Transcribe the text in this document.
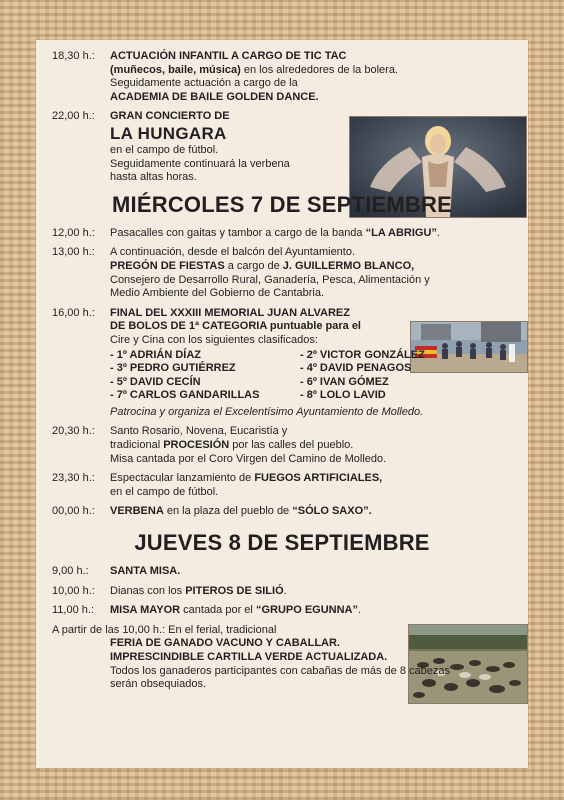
18,30 h.:	ACTUACIÓN INFANTIL A CARGO DE TIC TAC
(muñecos, baile, música) en los alrededores de la bolera.
Seguidamente actuación a cargo de la
ACADEMIA DE BAILE GOLDEN DANCE.
22,00 h.:	GRAN CONCIERTO DE
LA HUNGARA
en el campo de fútbol.
Seguidamente continuará la verbena
hasta altas horas.
MIÉRCOLES 7 DE SEPTIEMBRE
12,00 h.:	Pasacalles con gaitas y tambor a cargo de la banda “LA ABRIGU”.
13,00 h.:	A continuación, desde el balcón del Ayuntamiento.
PREGÓN DE FIESTAS a cargo de J. GUILLERMO BLANCO,
Consejero de Desarrollo Rural, Ganadería, Pesca, Alimentación y
Medio Ambiente del Gobierno de Cantabria.
16,00 h.:	FINAL DEL XXXIII MEMORIAL JUAN ALVAREZ
DE BOLOS DE 1ª CATEGORIA puntuable para el
Cire y Cina con los siguientes clasificados:
- 1º ADRIÁN DÍAZ	- 2º VICTOR GONZÁLEZ
- 3º PEDRO GUTIÉRREZ	- 4º DAVID PENAGOS
- 5º DAVID CECÍN	- 6º IVAN GÓMEZ
- 7º CARLOS GANDARILLAS	- 8º LOLO LAVID
Patrocina y organiza el Excelentísimo Ayuntamiento de Molledo.
20,30 h.:	Santo Rosario, Novena, Eucaristía y
tradicional PROCESIÓN por las calles del pueblo.
Misa cantada por el Coro Virgen del Camino de Molledo.
23,30 h.:	Espectacular lanzamiento de FUEGOS ARTIFICIALES,
en el campo de fútbol.
00,00 h.:	VERBENA en la plaza del pueblo de “SÓLO SAXO”.
JUEVES 8 DE SEPTIEMBRE
9,00 h.:	SANTA MISA.
10,00 h.:	Dianas con los PITEROS DE SILIÓ.
11,00 h.:	MISA MAYOR cantada por el “GRUPO EGUNNA”.
A partir de las 10,00 h.: En el ferial, tradicional
FERIA DE GANADO VACUNO Y CABALLAR.
IMPRESCINDIBLE CARTILLA VERDE ACTUALIZADA.
Todos los ganaderos participantes con cabañas de más de 8 cabezas
serán obsequiados.
